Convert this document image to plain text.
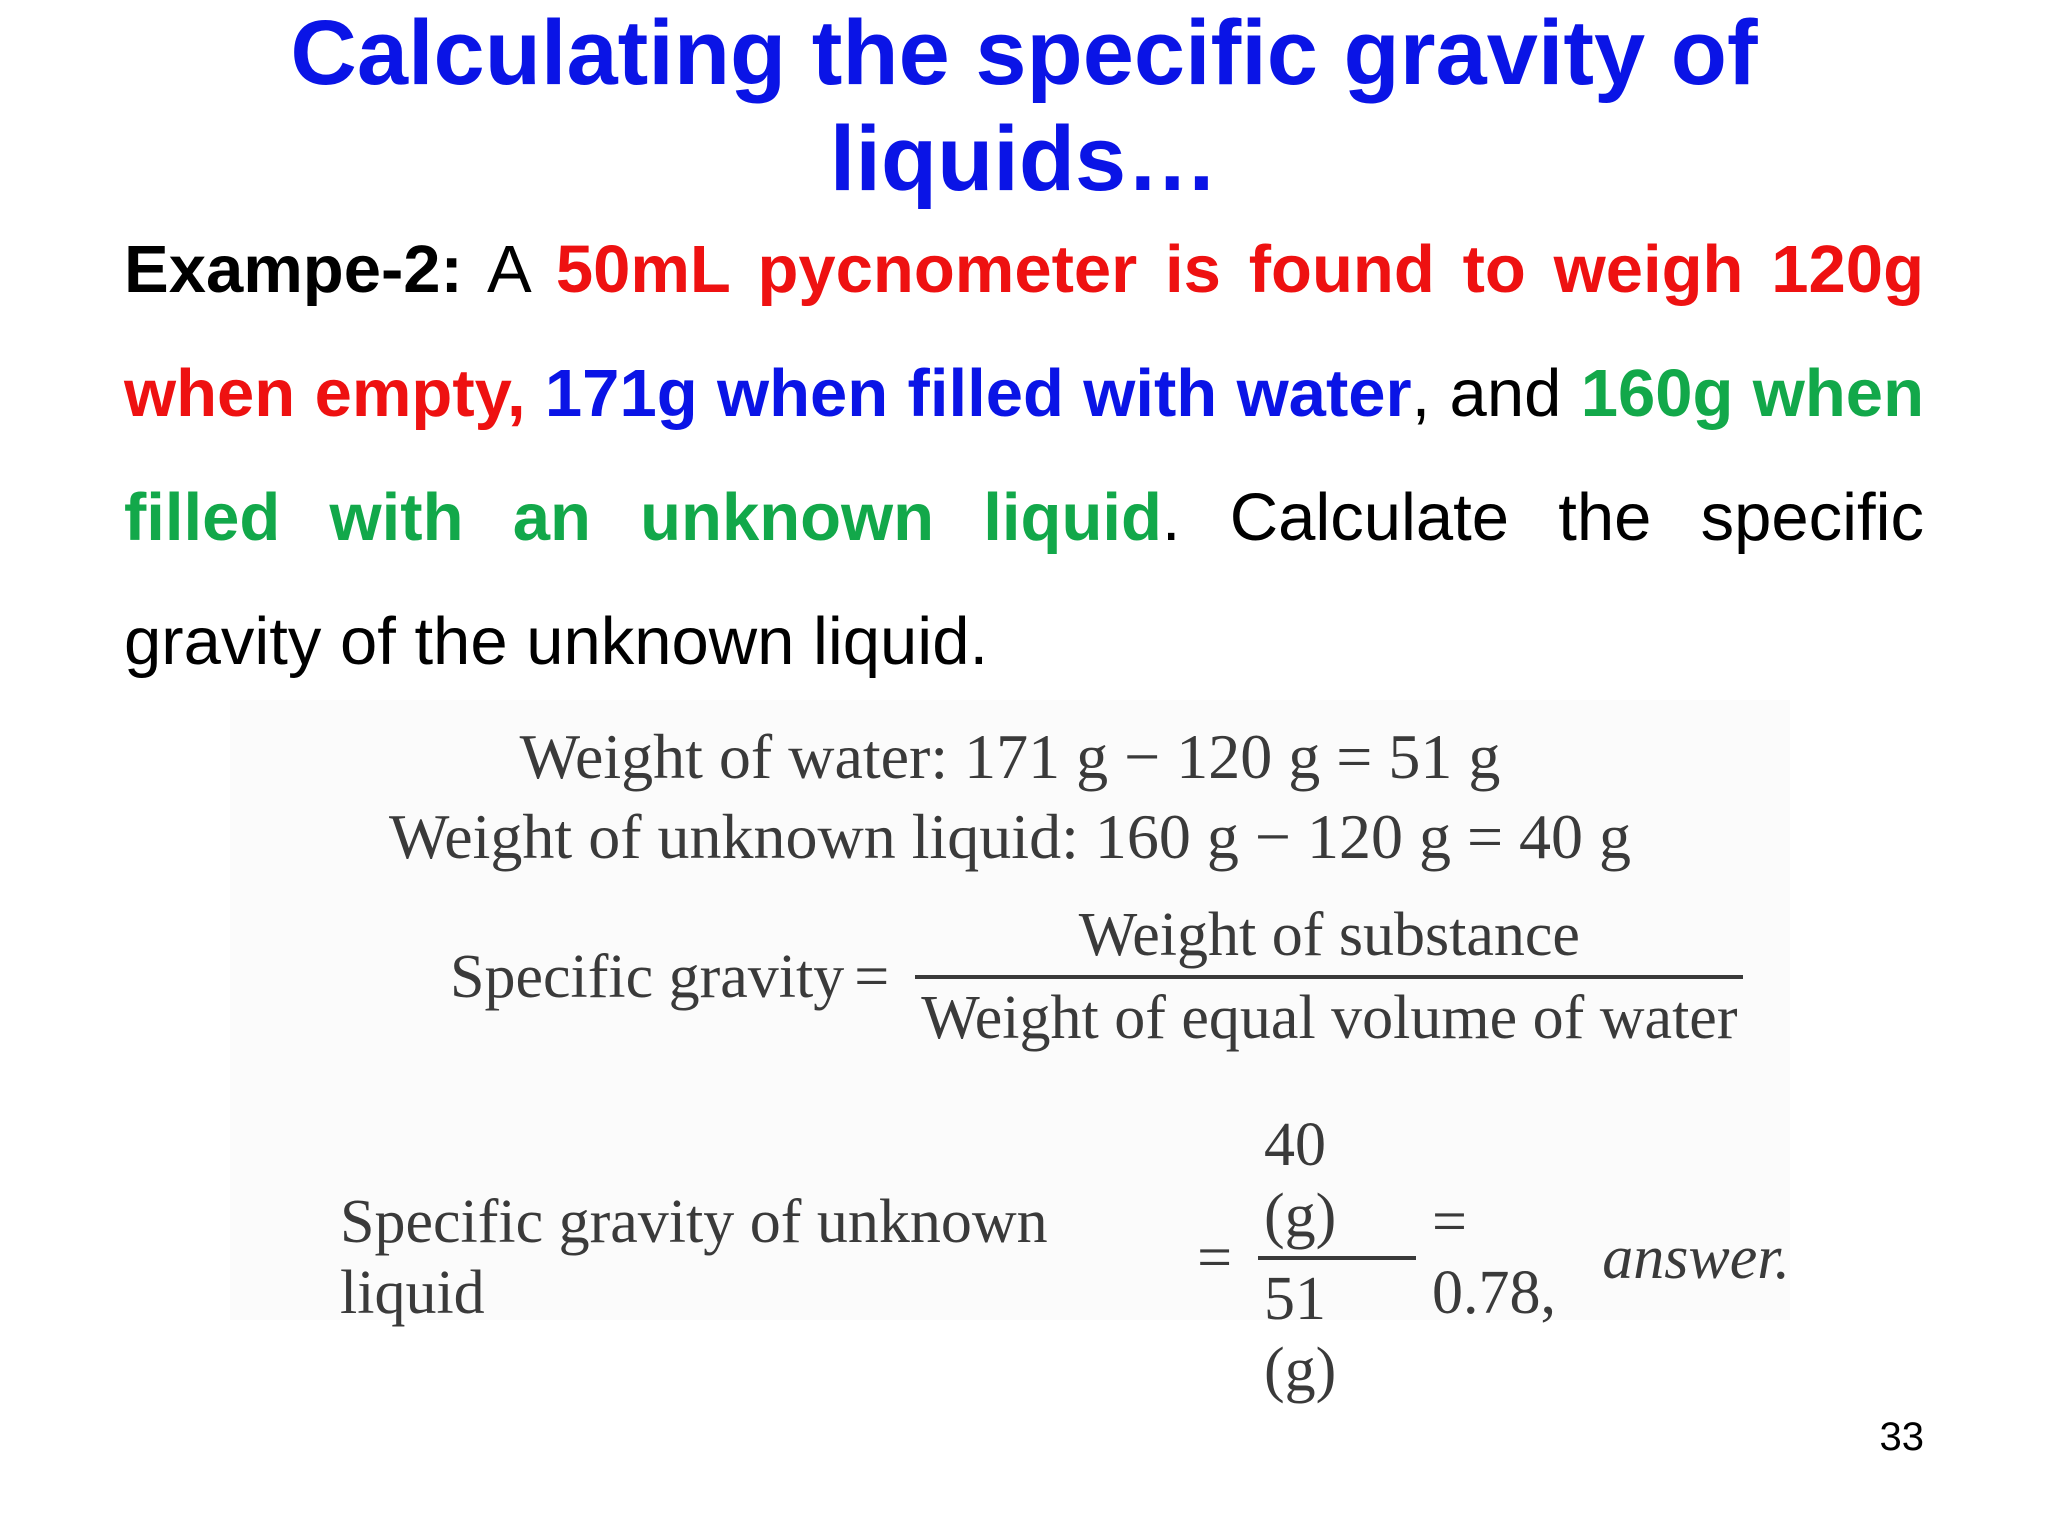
Calculating the specific gravity of
liquids…
Exampe-2: A 50mL pycnometer is found to weigh 120g when empty, 171g when filled with water, and 160g when filled with an unknown liquid. Calculate the specific gravity of the unknown liquid.
Weight of water: 171 g − 120 g = 51 g
Weight of unknown liquid: 160 g − 120 g = 40 g
Specific gravity = $\frac{\text{Weight of substance}}{\text{Weight of equal volume of water}}$
Specific gravity of unknown liquid
= $\frac{40 (g)}{51 (g)} = 0.78$,
answer.
33
